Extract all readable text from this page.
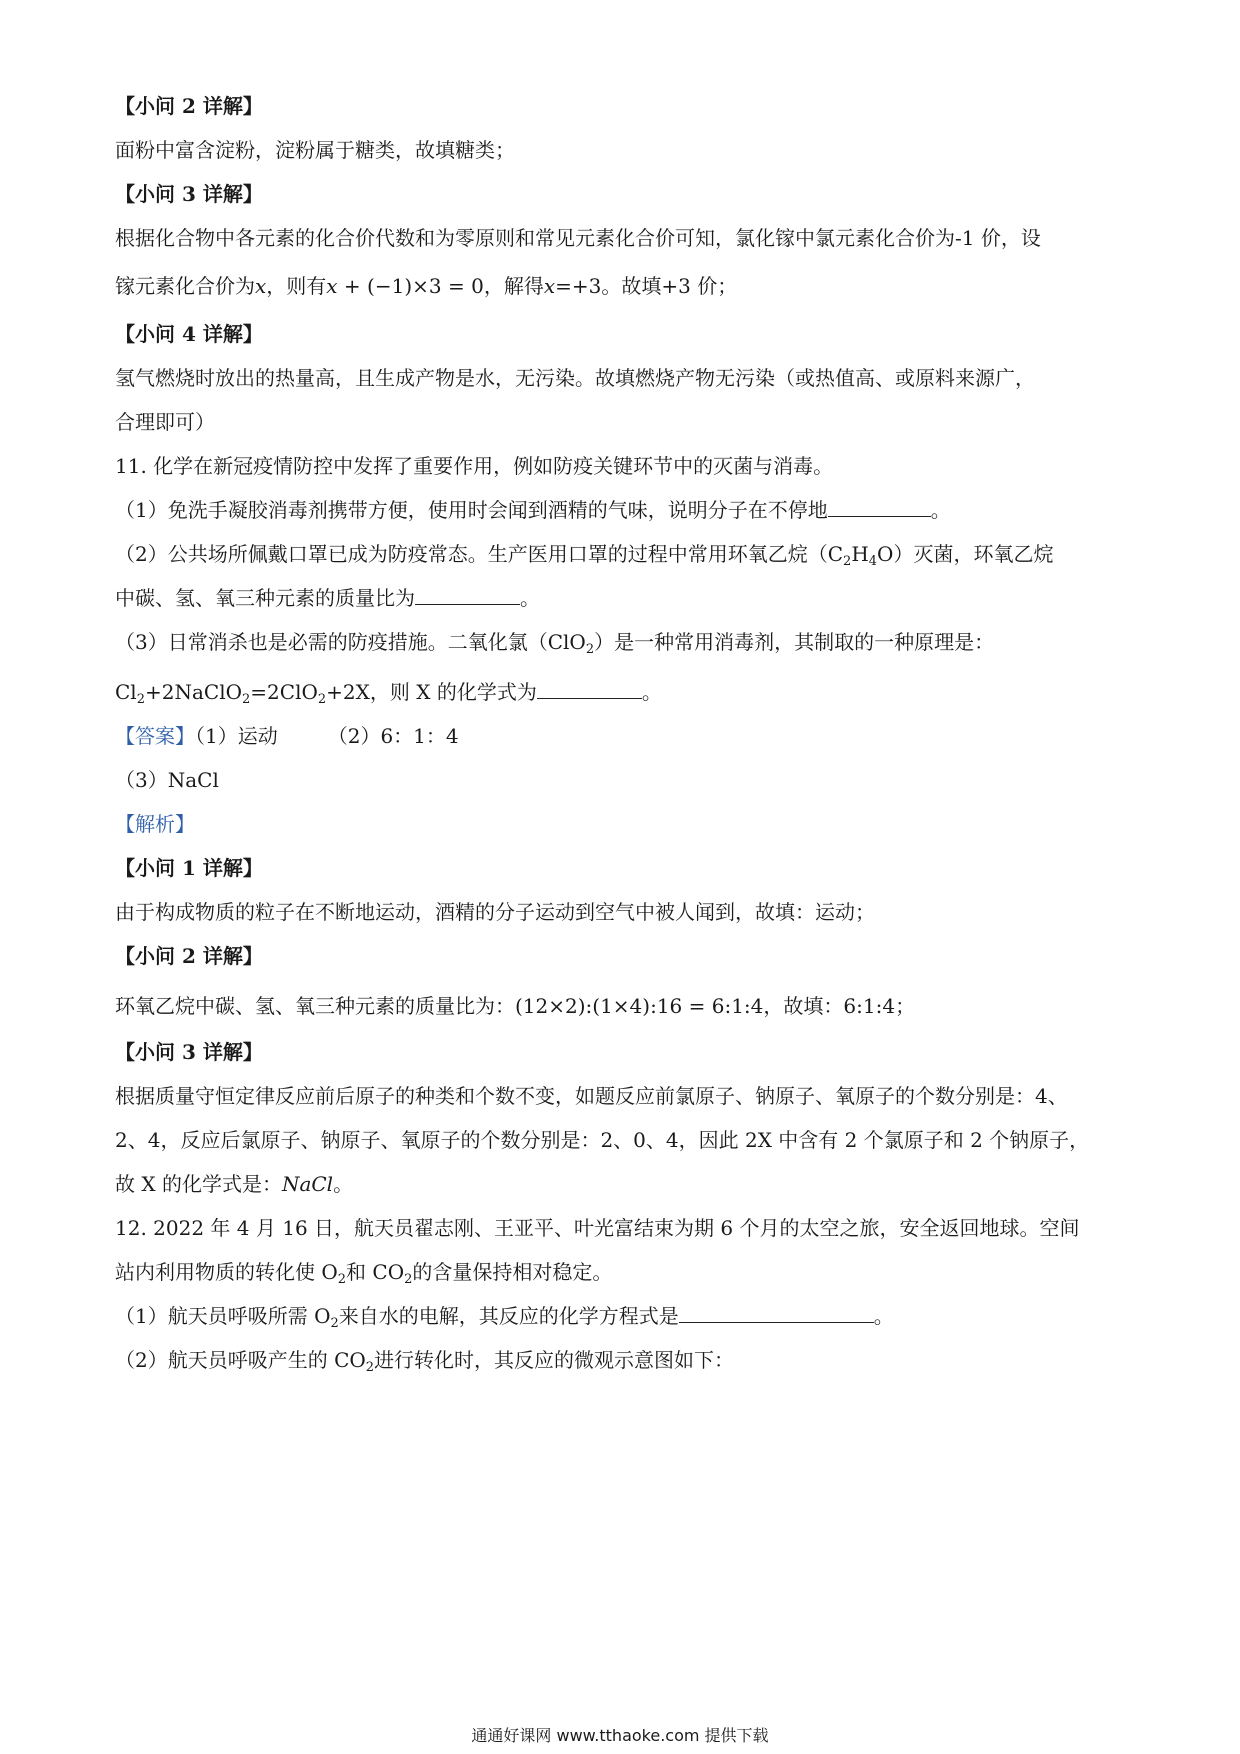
【小问 2 详解】
面粉中富含淀粉，淀粉属于糖类，故填糖类；
【小问 3 详解】
根据化合物中各元素的化合价代数和为零原则和常见元素化合价可知，氯化镓中氯元素化合价为-1 价，设
镓元素化合价为x，则有x + (−1)×3 = 0，解得x=+3。故填+3 价；
【小问 4 详解】
氢气燃烧时放出的热量高，且生成产物是水，无污染。故填燃烧产物无污染（或热值高、或原料来源广，
合理即可）
11. 化学在新冠疫情防控中发挥了重要作用，例如防疫关键环节中的灭菌与消毒。
（1）免洗手凝胶消毒剂携带方便，使用时会闻到酒精的气味，说明分子在不停地	。
（2）公共场所佩戴口罩已成为防疫常态。生产医用口罩的过程中常用环氧乙烷$(C_2H_4O)$灭菌，环氧乙烷
中碳、氢、氧三种元素的质量比为	。
（3）日常消杀也是必需的防疫措施。二氧化氯（ClO$_2$）是一种常用消毒剂，其制取的一种原理是：
$Cl_2+2NaClO_2=2ClO_2+2X$，则 X 的化学式为	。
【答案】（1）运动	（2）6：1：4
（3）NaCl
【解析】
【小问 1 详解】
由于构成物质的粒子在不断地运动，酒精的分子运动到空气中被人闻到，故填：运动；
【小问 2 详解】
环氧乙烷中碳、氢、氧三种元素的质量比为：(12×2):(1×4):16 = 6:1:4，故填：6:1:4；
【小问 3 详解】
根据质量守恒定律反应前后原子的种类和个数不变，如题反应前氯原子、钠原子、氧原子的个数分别是：4、
2、4，反应后氯原子、钠原子、氧原子的个数分别是：2、0、4，因此 2X 中含有 2 个氯原子和 2 个钠原子，
故 X 的化学式是：NaCl。
12. 2022 年 4 月 16 日，航天员翟志刚、王亚平、叶光富结束为期 6 个月的太空之旅，安全返回地球。空间
站内利用物质的转化使 $O_2$和 $CO_2$的含量保持相对稳定。
（1）航天员呼吸所需 $O_2$来自水的电解，其反应的化学方程式是	。
（2）航天员呼吸产生的 $CO_2$进行转化时，其反应的微观示意图如下：
通通好课网 www.tthaoke.com 提供下载
